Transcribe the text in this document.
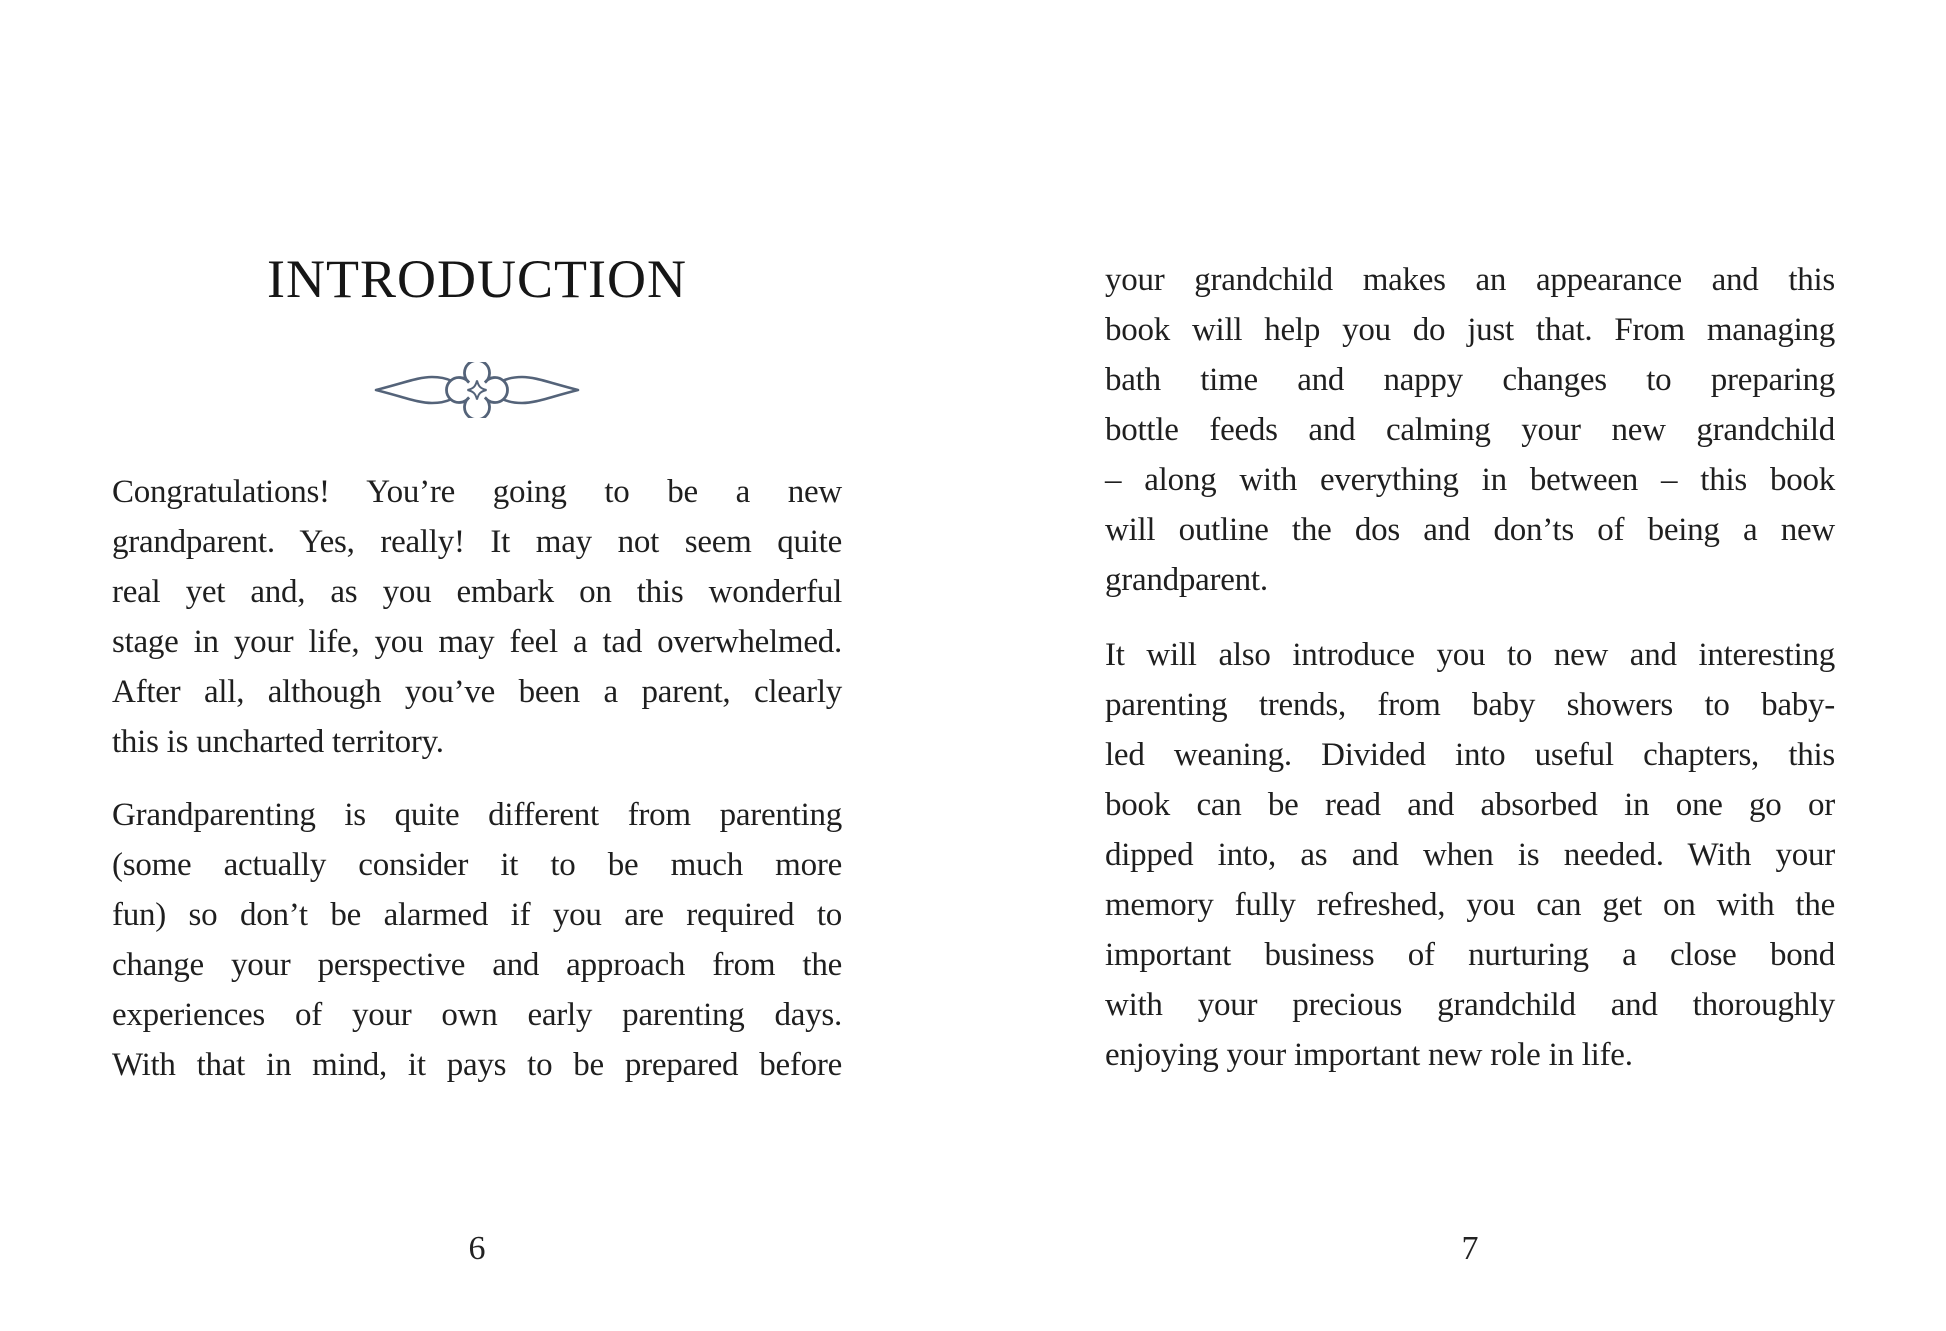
INTRODUCTION
Congratulations! You’re going to be a new
grandparent. Yes, really! It may not seem quite
real yet and, as you embark on this wonderful
stage in your life, you may feel a tad overwhelmed.
After all, although you’ve been a parent, clearly
this is uncharted territory.
Grandparenting is quite different from parenting
(some actually consider it to be much more
fun) so don’t be alarmed if you are required to
change your perspective and approach from the
experiences of your own early parenting days.
With that in mind, it pays to be prepared before
6
your grandchild makes an appearance and this
book will help you do just that. From managing
bath time and nappy changes to preparing
bottle feeds and calming your new grandchild
– along with everything in between – this book
will outline the dos and don’ts of being a new
grandparent.
It will also introduce you to new and interesting
parenting trends, from baby showers to baby-
led weaning. Divided into useful chapters, this
book can be read and absorbed in one go or
dipped into, as and when is needed. With your
memory fully refreshed, you can get on with the
important business of nurturing a close bond
with your precious grandchild and thoroughly
enjoying your important new role in life.
7
